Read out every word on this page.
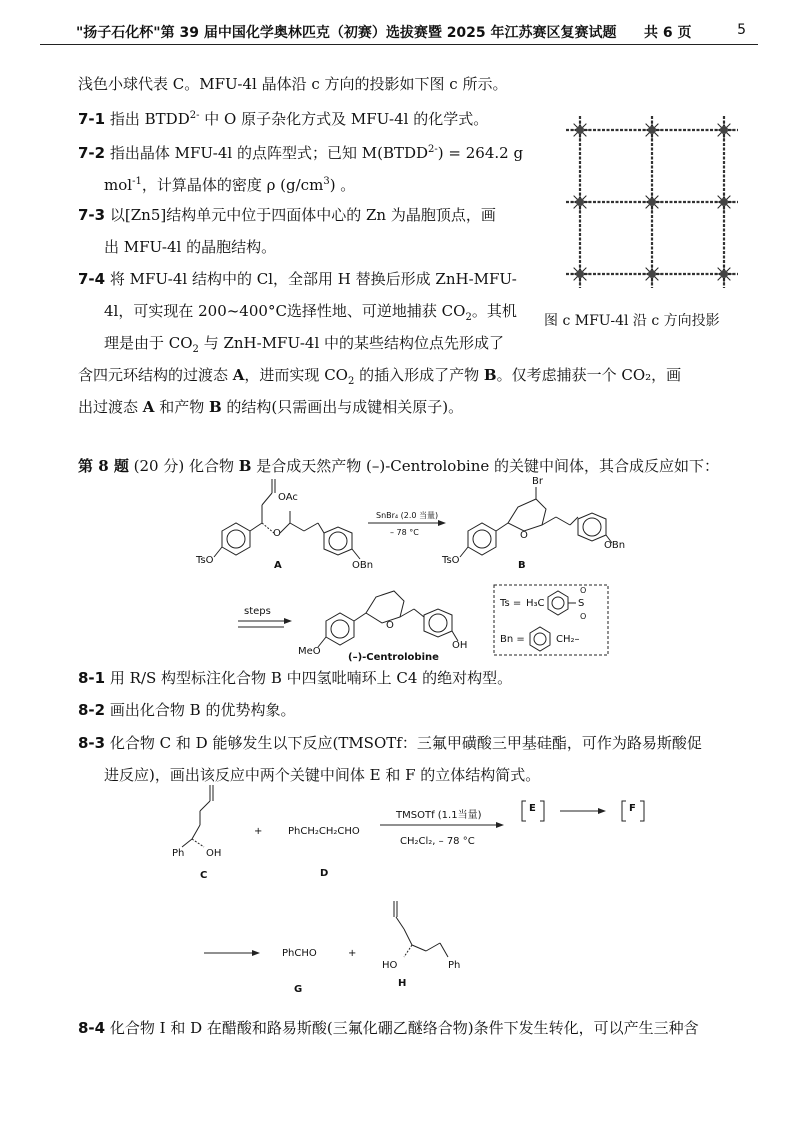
"扬子石化杯"第 39 届中国化学奥林匹克（初赛）选拔赛暨 2025 年江苏赛区复赛试题 共 6 页	5
浅色小球代表 C。MFU-4l 晶体沿 c 方向的投影如下图 c 所示。
7-1 指出 $BTDD^{2-}$ 中 O 原子杂化方式及 MFU-4l 的化学式。
7-2 指出晶体 MFU-4l 的点阵型式；已知 $M(BTDD^{2-}) = 264.2$ g
mol$^{-1}$，计算晶体的密度 ρ $(g/cm^3)$ 。
7-3 以[Zn5]结构单元中位于四面体中心的 Zn 为晶胞顶点，画
出 MFU-4l 的晶胞结构。
7-4 将 MFU-4l 结构中的 Cl，全部用 H 替换后形成 ZnH-MFU-
4l，可实现在 200~400°C选择性地、可逆地捕获 $CO_2$。其机
理是由于 $CO_2$ 与 ZnH-MFU-4l 中的某些结构位点先形成了
含四元环结构的过渡态 A，进而实现 $CO_2$ 的插入形成了产物 B。仅考虑捕获一个 CO₂，画
出过渡态 A 和产物 B 的结构(只需画出与成键相关原子)。
图 c MFU-4l 沿 c 方向投影
第 8 题 (20 分) 化合物 B 是合成天然产物 (–)-Centrolobine 的关键中间体，其合成反应如下：
OAc
O
TsO	OBn
SnBr₄ (2.0 当量)
– 78 °C
A
Br
O
TsO
OBn
B
steps
MeO
O
OH
(–)-Centrolobine
Ts = H₃C	S
O
O
Bn =	CH₂–
8-1 用 R/S 构型标注化合物 B 中四氢吡喃环上 C4 的绝对构型。
8-2 画出化合物 B 的优势构象。
8-3 化合物 C 和 D 能够发生以下反应(TMSOTf：三氟甲磺酸三甲基硅酯，可作为路易斯酸促
进反应)，画出该反应中两个关键中间体 E 和 F 的立体结构简式。
Ph OH
+	PhCH₂CH₂CHO
TMSOTf (1.1当量)
CH₂Cl₂, – 78 °C
E	F
C	D
PhCHO	+
HO	Ph
G
H
8-4 化合物 I 和 D 在醋酸和路易斯酸(三氟化硼乙醚络合物)条件下发生转化，可以产生三种含
